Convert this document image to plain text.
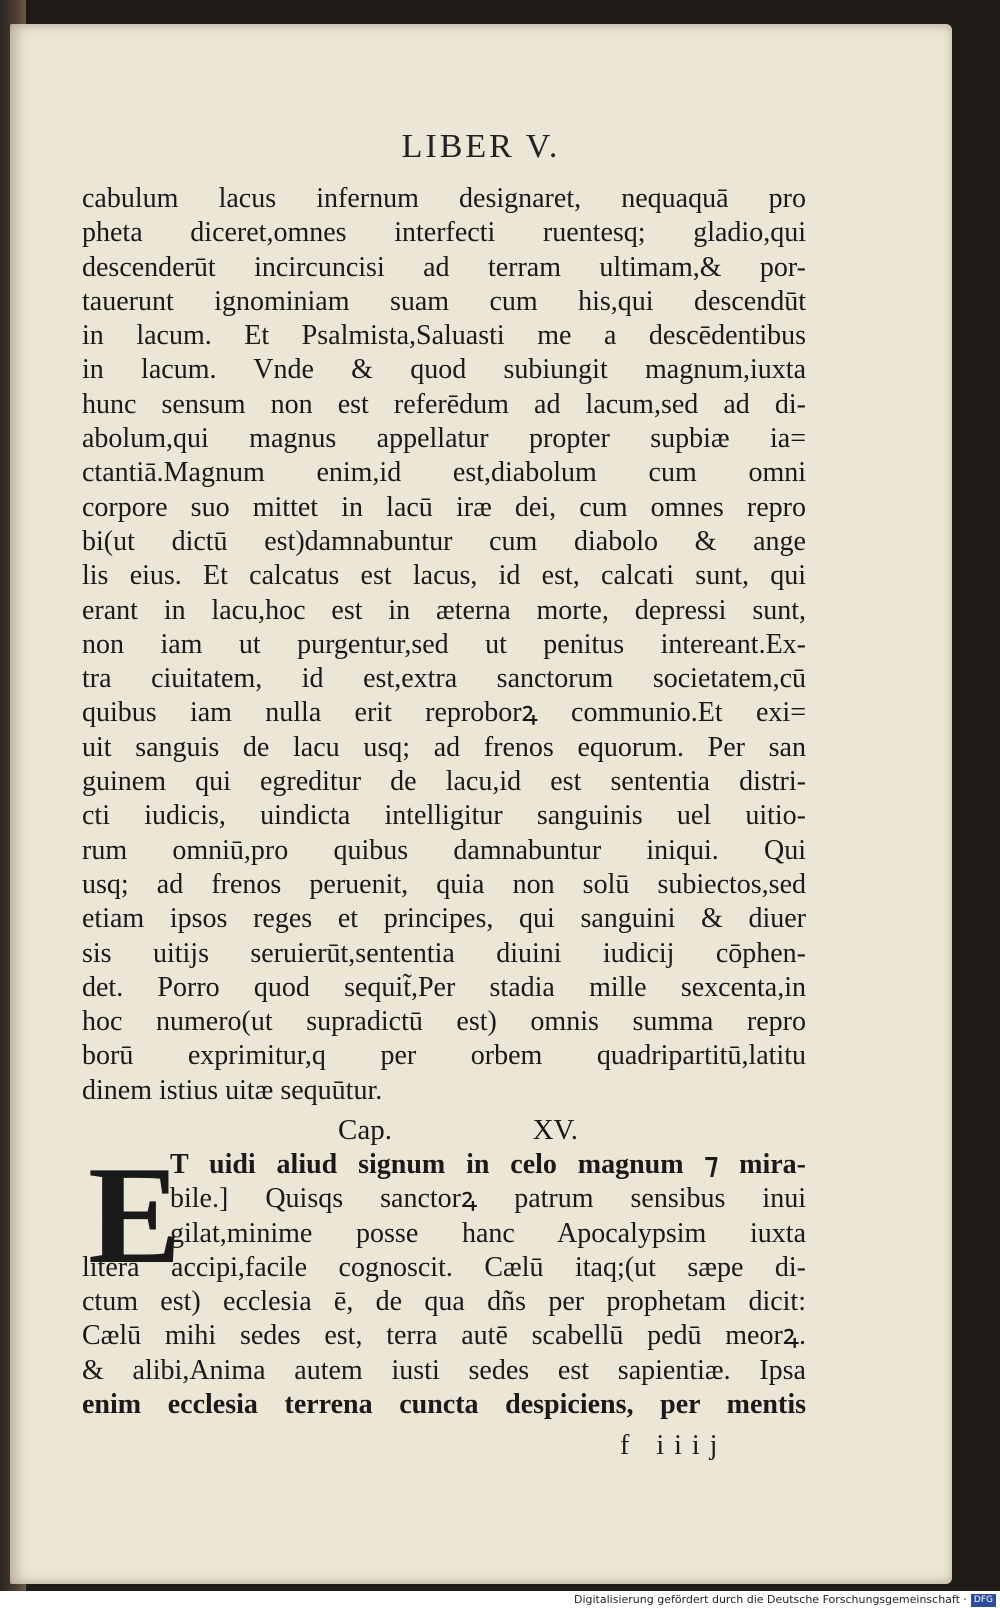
LIBER V.
cabulum lacus infernum designaret, nequaquā pro
pheta diceret,omnes interfecti ruentesq; gladio,qui
descenderūt incircuncisi ad terram ultimam,& por-
tauerunt ignominiam suam cum his,qui descendūt
in lacum. Et Psalmista,Saluasti me a descēdentibus
in lacum. Vnde & quod subiungit magnum,iuxta
hunc sensum non est referēdum ad lacum,sed ad di-
abolum,qui magnus appellatur propter supbiæ ia=
ctantiā.Magnum enim,id est,diabolum cum omni
corpore suo mittet in lacū iræ dei, cum omnes repro
bi(ut dictū est)damnabuntur cum diabolo & ange
lis eius. Et calcatus est lacus, id est, calcati sunt, qui
erant in lacu,hoc est in æterna morte, depressi sunt,
non iam ut purgentur,sed ut penitus intereant.Ex-
tra ciuitatem, id est,extra sanctorum societatem,cū
quibus iam nulla erit reproborꝝ communio.Et exi=
uit sanguis de lacu usq; ad frenos equorum. Per san
guinem qui egreditur de lacu,id est sententia distri-
cti iudicis, uindicta intelligitur sanguinis uel uitio-
rum omniū,pro quibus damnabuntur iniqui. Qui
usq; ad frenos peruenit, quia non solū subiectos,sed
etiam ipsos reges et principes, qui sanguini & diuer
sis uitijs seruierūt,sententia diuini iudicij cōphen-
det. Porro quod sequit̃,Per stadia mille sexcenta,in
hoc numero(ut supradictū est) omnis summa repro
borū exprimitur,q per orbem quadripartitū,latitu
dinem istius uitæ sequūtur.
Cap.	XV.
E
T uidi aliud signum in celo magnum ⁊ mira-
bile.] Quisqs sanctorꝝ patrum sensibus inui
gilat,minime posse hanc Apocalypsim iuxta
literā accipi,facile cognoscit. Cælū itaq;(ut sæpe di-
ctum est) ecclesia ē, de qua dñs per prophetam dicit:
Cælū mihi sedes est, terra autē scabellū pedū meorꝝ.
& alibi,Anima autem iusti sedes est sapientiæ. Ipsa
enim ecclesia terrena cuncta despiciens, per mentis
f iiij
Digitalisierung gefördert durch die Deutsche Forschungsgemeinschaft · DFG
